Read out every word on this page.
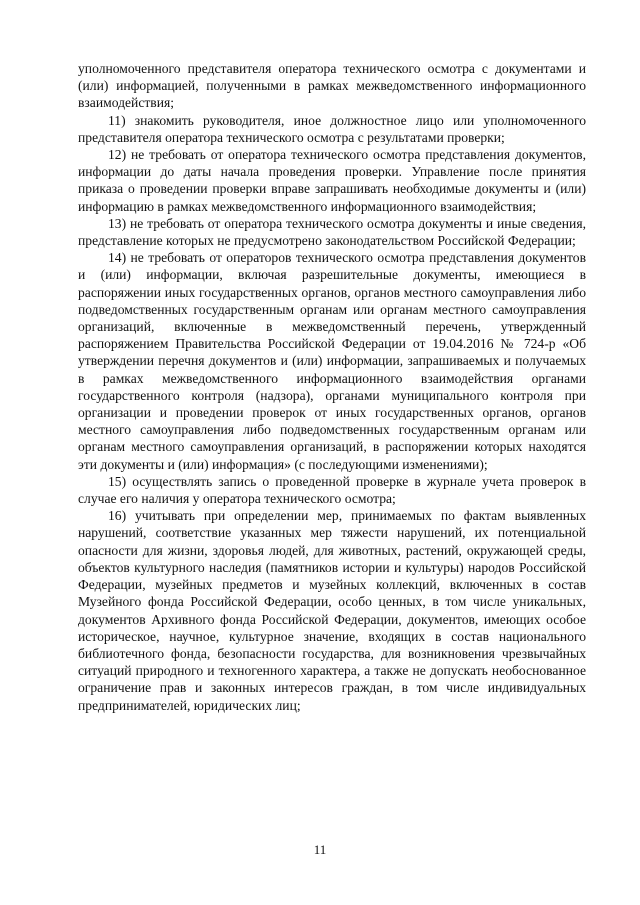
уполномоченного представителя оператора технического осмотра с документами и (или) информацией, полученными в рамках межведомственного информационного взаимодействия;

11) знакомить руководителя, иное должностное лицо или уполномоченного представителя оператора технического осмотра с результатами проверки;

12) не требовать от оператора технического осмотра представления документов, информации до даты начала проведения проверки. Управление после принятия приказа о проведении проверки вправе запрашивать необходимые документы и (или) информацию в рамках межведомственного информационного взаимодействия;

13) не требовать от оператора технического осмотра документы и иные сведения, представление которых не предусмотрено законодательством Российской Федерации;

14) не требовать от операторов технического осмотра представления документов и (или) информации, включая разрешительные документы, имеющиеся в распоряжении иных государственных органов, органов местного самоуправления либо подведомственных государственным органам или органам местного самоуправления организаций, включенные в межведомственный перечень, утвержденный распоряжением Правительства Российской Федерации от 19.04.2016 № 724-р «Об утверждении перечня документов и (или) информации, запрашиваемых и получаемых в рамках межведомственного информационного взаимодействия органами государственного контроля (надзора), органами муниципального контроля при организации и проведении проверок от иных государственных органов, органов местного самоуправления либо подведомственных государственным органам или органам местного самоуправления организаций, в распоряжении которых находятся эти документы и (или) информация» (с последующими изменениями);

15) осуществлять запись о проведенной проверке в журнале учета проверок в случае его наличия у оператора технического осмотра;

16) учитывать при определении мер, принимаемых по фактам выявленных нарушений, соответствие указанных мер тяжести нарушений, их потенциальной опасности для жизни, здоровья людей, для животных, растений, окружающей среды, объектов культурного наследия (памятников истории и культуры) народов Российской Федерации, музейных предметов и музейных коллекций, включенных в состав Музейного фонда Российской Федерации, особо ценных, в том числе уникальных, документов Архивного фонда Российской Федерации, документов, имеющих особое историческое, научное, культурное значение, входящих в состав национального библиотечного фонда, безопасности государства, для возникновения чрезвычайных ситуаций природного и техногенного характера, а также не допускать необоснованное ограничение прав и законных интересов граждан, в том числе индивидуальных предпринимателей, юридических лиц;

11
